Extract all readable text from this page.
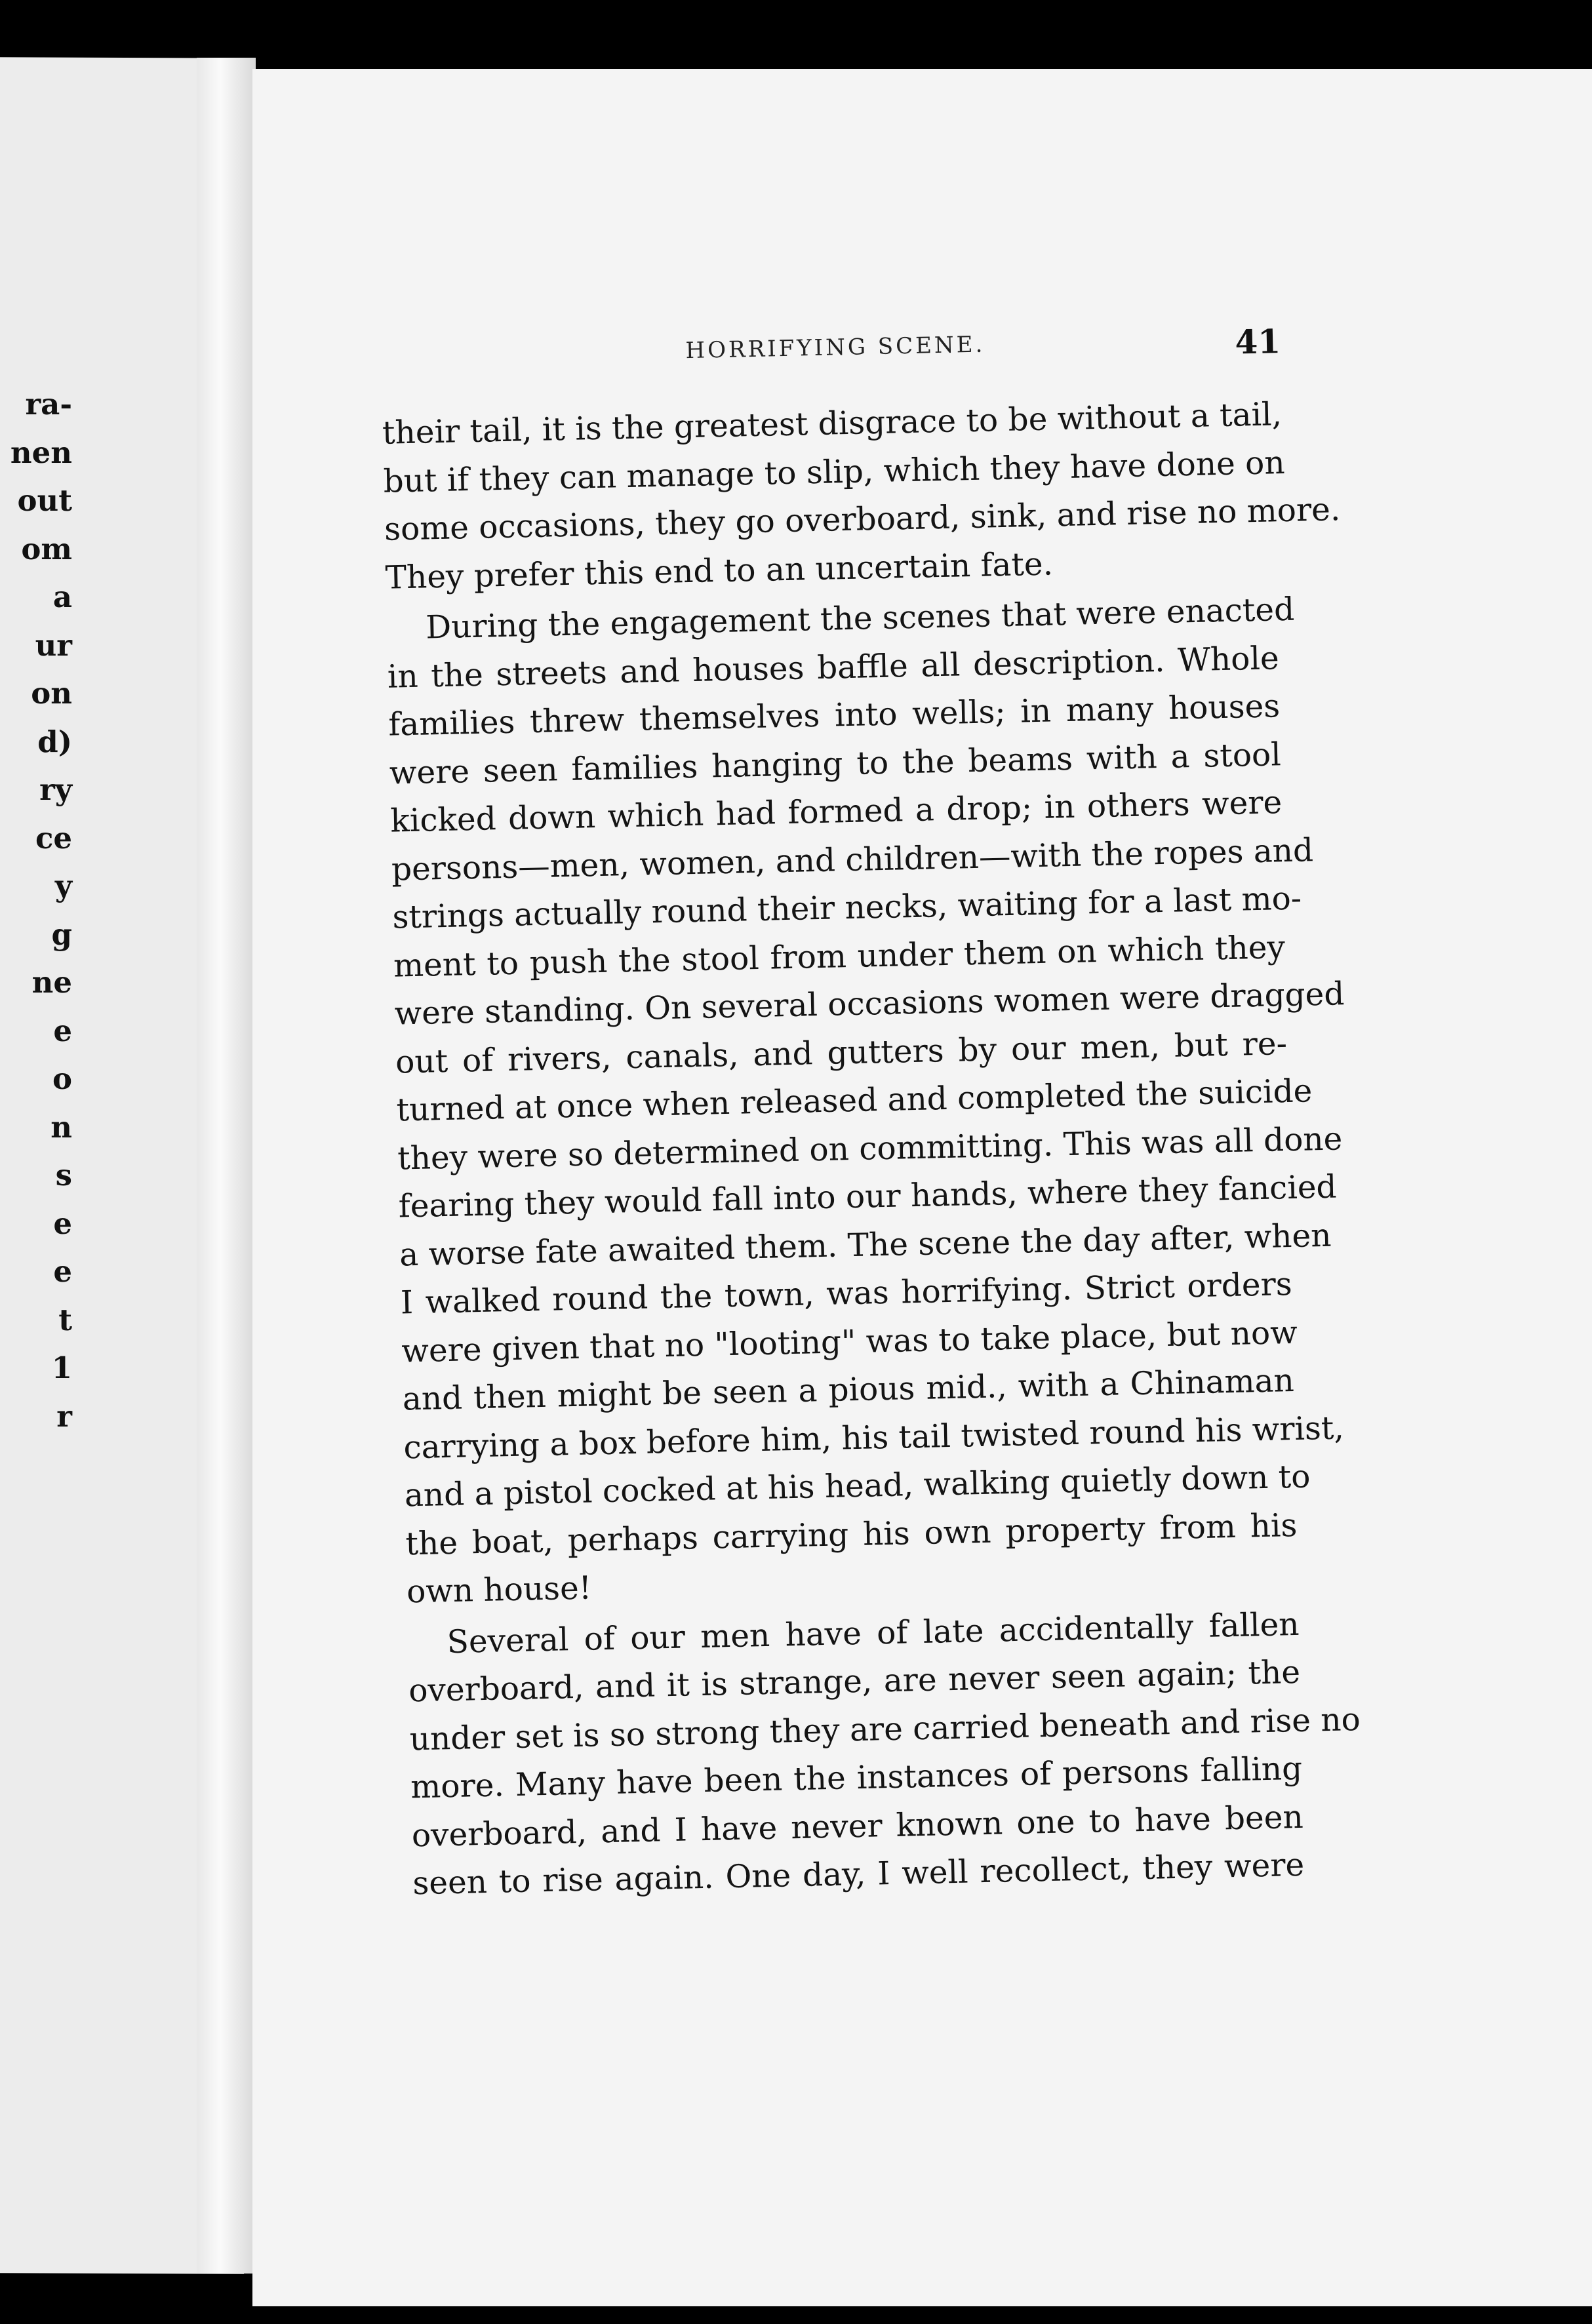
ra-
nen
out
om
a
ur
on
d)
ry
ce
y
g
ne
e
o
n
s
e
e
t
1
r
HORRIFYING SCENE.	41
their tail, it is the greatest disgrace to be without a tail,
but if they can manage to slip, which they have done on
some occasions, they go overboard, sink, and rise no more.
They prefer this end to an uncertain fate.
During the engagement the scenes that were enacted
in the streets and houses baffle all description. Whole
families threw themselves into wells; in many houses
were seen families hanging to the beams with a stool
kicked down which had formed a drop; in others were
persons—men, women, and children—with the ropes and
strings actually round their necks, waiting for a last mo-
ment to push the stool from under them on which they
were standing. On several occasions women were dragged
out of rivers, canals, and gutters by our men, but re-
turned at once when released and completed the suicide
they were so determined on committing. This was all done
fearing they would fall into our hands, where they fancied
a worse fate awaited them. The scene the day after, when
I walked round the town, was horrifying. Strict orders
were given that no "looting" was to take place, but now
and then might be seen a pious mid., with a Chinaman
carrying a box before him, his tail twisted round his wrist,
and a pistol cocked at his head, walking quietly down to
the boat, perhaps carrying his own property from his
own house!
Several of our men have of late accidentally fallen
overboard, and it is strange, are never seen again; the
under set is so strong they are carried beneath and rise no
more. Many have been the instances of persons falling
overboard, and I have never known one to have been
seen to rise again. One day, I well recollect, they were
